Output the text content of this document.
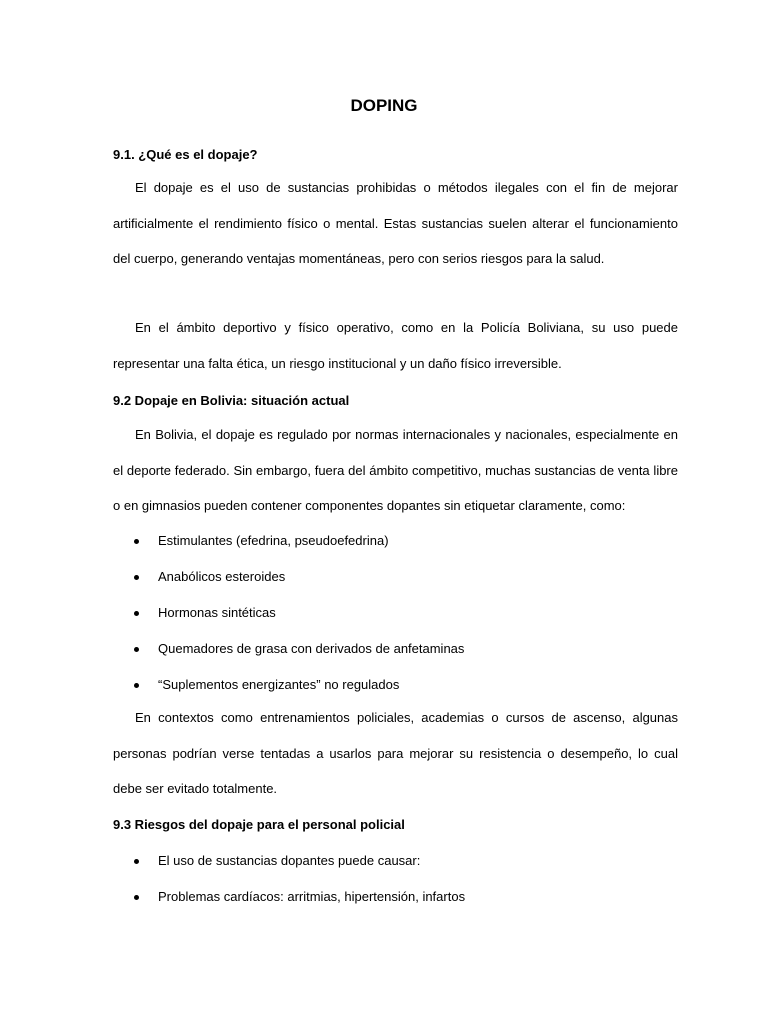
DOPING
9.1. ¿Qué es el dopaje?

El dopaje es el uso de sustancias prohibidas o métodos ilegales con el fin de mejorar artificialmente el rendimiento físico o mental. Estas sustancias suelen alterar el funcionamiento del cuerpo, generando ventajas momentáneas, pero con serios riesgos para la salud.

En el ámbito deportivo y físico operativo, como en la Policía Boliviana, su uso puede representar una falta ética, un riesgo institucional y un daño físico irreversible.

9.2 Dopaje en Bolivia: situación actual

En Bolivia, el dopaje es regulado por normas internacionales y nacionales, especialmente en el deporte federado. Sin embargo, fuera del ámbito competitivo, muchas sustancias de venta libre o en gimnasios pueden contener componentes dopantes sin etiquetar claramente, como:

Estimulantes (efedrina, pseudoefedrina)
Anabólicos esteroides
Hormonas sintéticas
Quemadores de grasa con derivados de anfetaminas
“Suplementos energizantes” no regulados

En contextos como entrenamientos policiales, academias o cursos de ascenso, algunas personas podrían verse tentadas a usarlos para mejorar su resistencia o desempeño, lo cual debe ser evitado totalmente.

9.3 Riesgos del dopaje para el personal policial
El uso de sustancias dopantes puede causar:
Problemas cardíacos: arritmias, hipertensión, infartos
